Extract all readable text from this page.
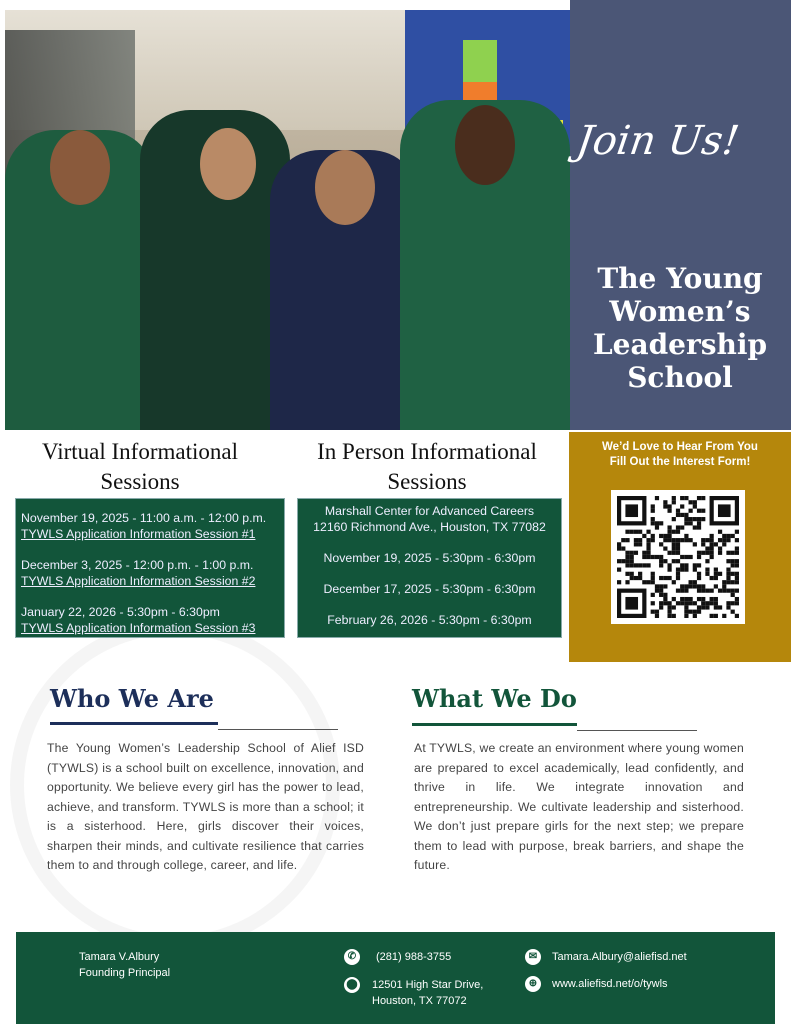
Join Us!
The Young Women’s Leadership School
Virtual Informational Sessions
November 19, 2025 - 11:00 a.m. - 12:00 p.m.
TYWLS Application Information Session #1
December 3, 2025 - 12:00 p.m. - 1:00 p.m.
TYWLS Application Information Session #2
January 22, 2026 - 5:30pm - 6:30pm
TYWLS Application Information Session #3
In Person Informational Sessions
Marshall Center for Advanced Careers
12160 Richmond Ave., Houston, TX 77082
November 19, 2025 - 5:30pm - 6:30pm
December 17, 2025 - 5:30pm - 6:30pm
February 26, 2026 - 5:30pm - 6:30pm
We’d Love to Hear From You
Fill Out the Interest Form!
Who We Are
The Young Women’s Leadership School of Alief ISD (TYWLS) is a school built on excellence, innovation, and opportunity. We believe every girl has the power to lead, achieve, and transform. TYWLS is more than a school; it is a sisterhood. Here, girls discover their voices, sharpen their minds, and cultivate resilience that carries them to and through college, career, and life.
What We Do
At TYWLS, we create an environment where young women are prepared to excel academically, lead confidently, and thrive in life. We integrate innovation and entrepreneurship. We cultivate leadership and sisterhood. We don’t just prepare girls for the next step; we prepare them to lead with purpose, break barriers, and shape the future.
Tamara V.Albury
Founding Principal
✆	(281) 988-3755
⬤ 12501 High Star Drive,
Houston, TX 77072
✉	Tamara.Albury@aliefisd.net
⊕	www.aliefisd.net/o/tywls
